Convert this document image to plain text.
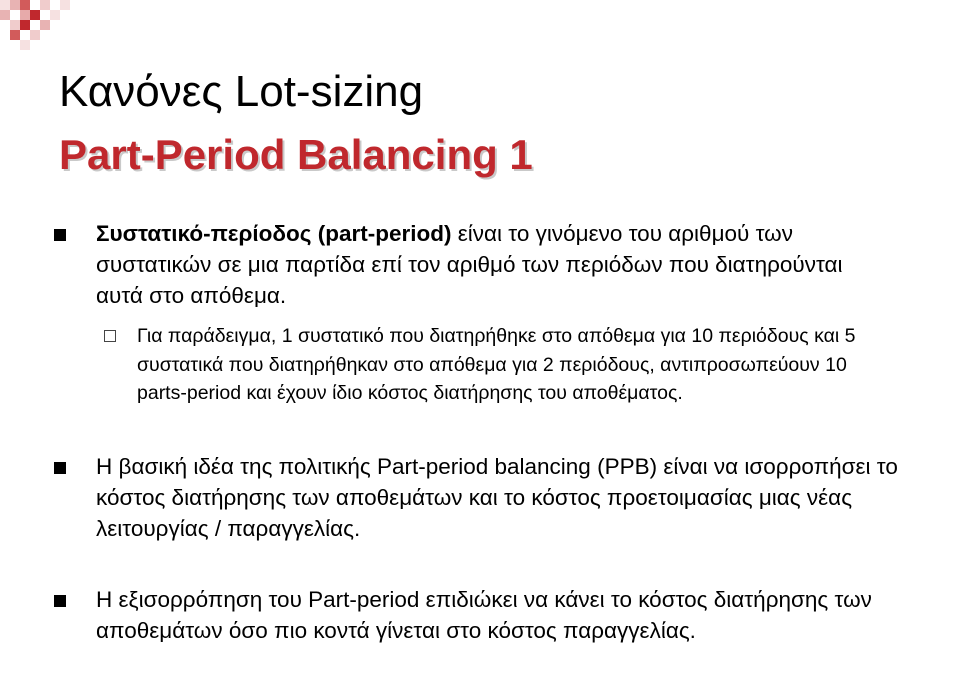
Κανόνες Lot-sizing
Part-Period Balancing 1
Συστατικό-περίοδος (part-period) είναι το γινόμενο του αριθμού των συστατικών σε μια παρτίδα επί τον αριθμό των περιόδων που διατηρούνται αυτά στο απόθεμα.
Για παράδειγμα, 1 συστατικό που διατηρήθηκε στο απόθεμα για 10 περιόδους και 5 συστατικά που διατηρήθηκαν στο απόθεμα για 2 περιόδους, αντιπροσωπεύουν 10 parts-period και έχουν ίδιο κόστος διατήρησης του αποθέματος.
Η βασική ιδέα της πολιτικής Part-period balancing (PPB) είναι να ισορροπήσει το κόστος διατήρησης των αποθεμάτων και το κόστος προετοιμασίας μιας νέας λειτουργίας / παραγγελίας.
Η εξισορρόπηση του Part-period επιδιώκει να κάνει το κόστος διατήρησης των αποθεμάτων όσο πιο κοντά γίνεται στο κόστος παραγγελίας.
